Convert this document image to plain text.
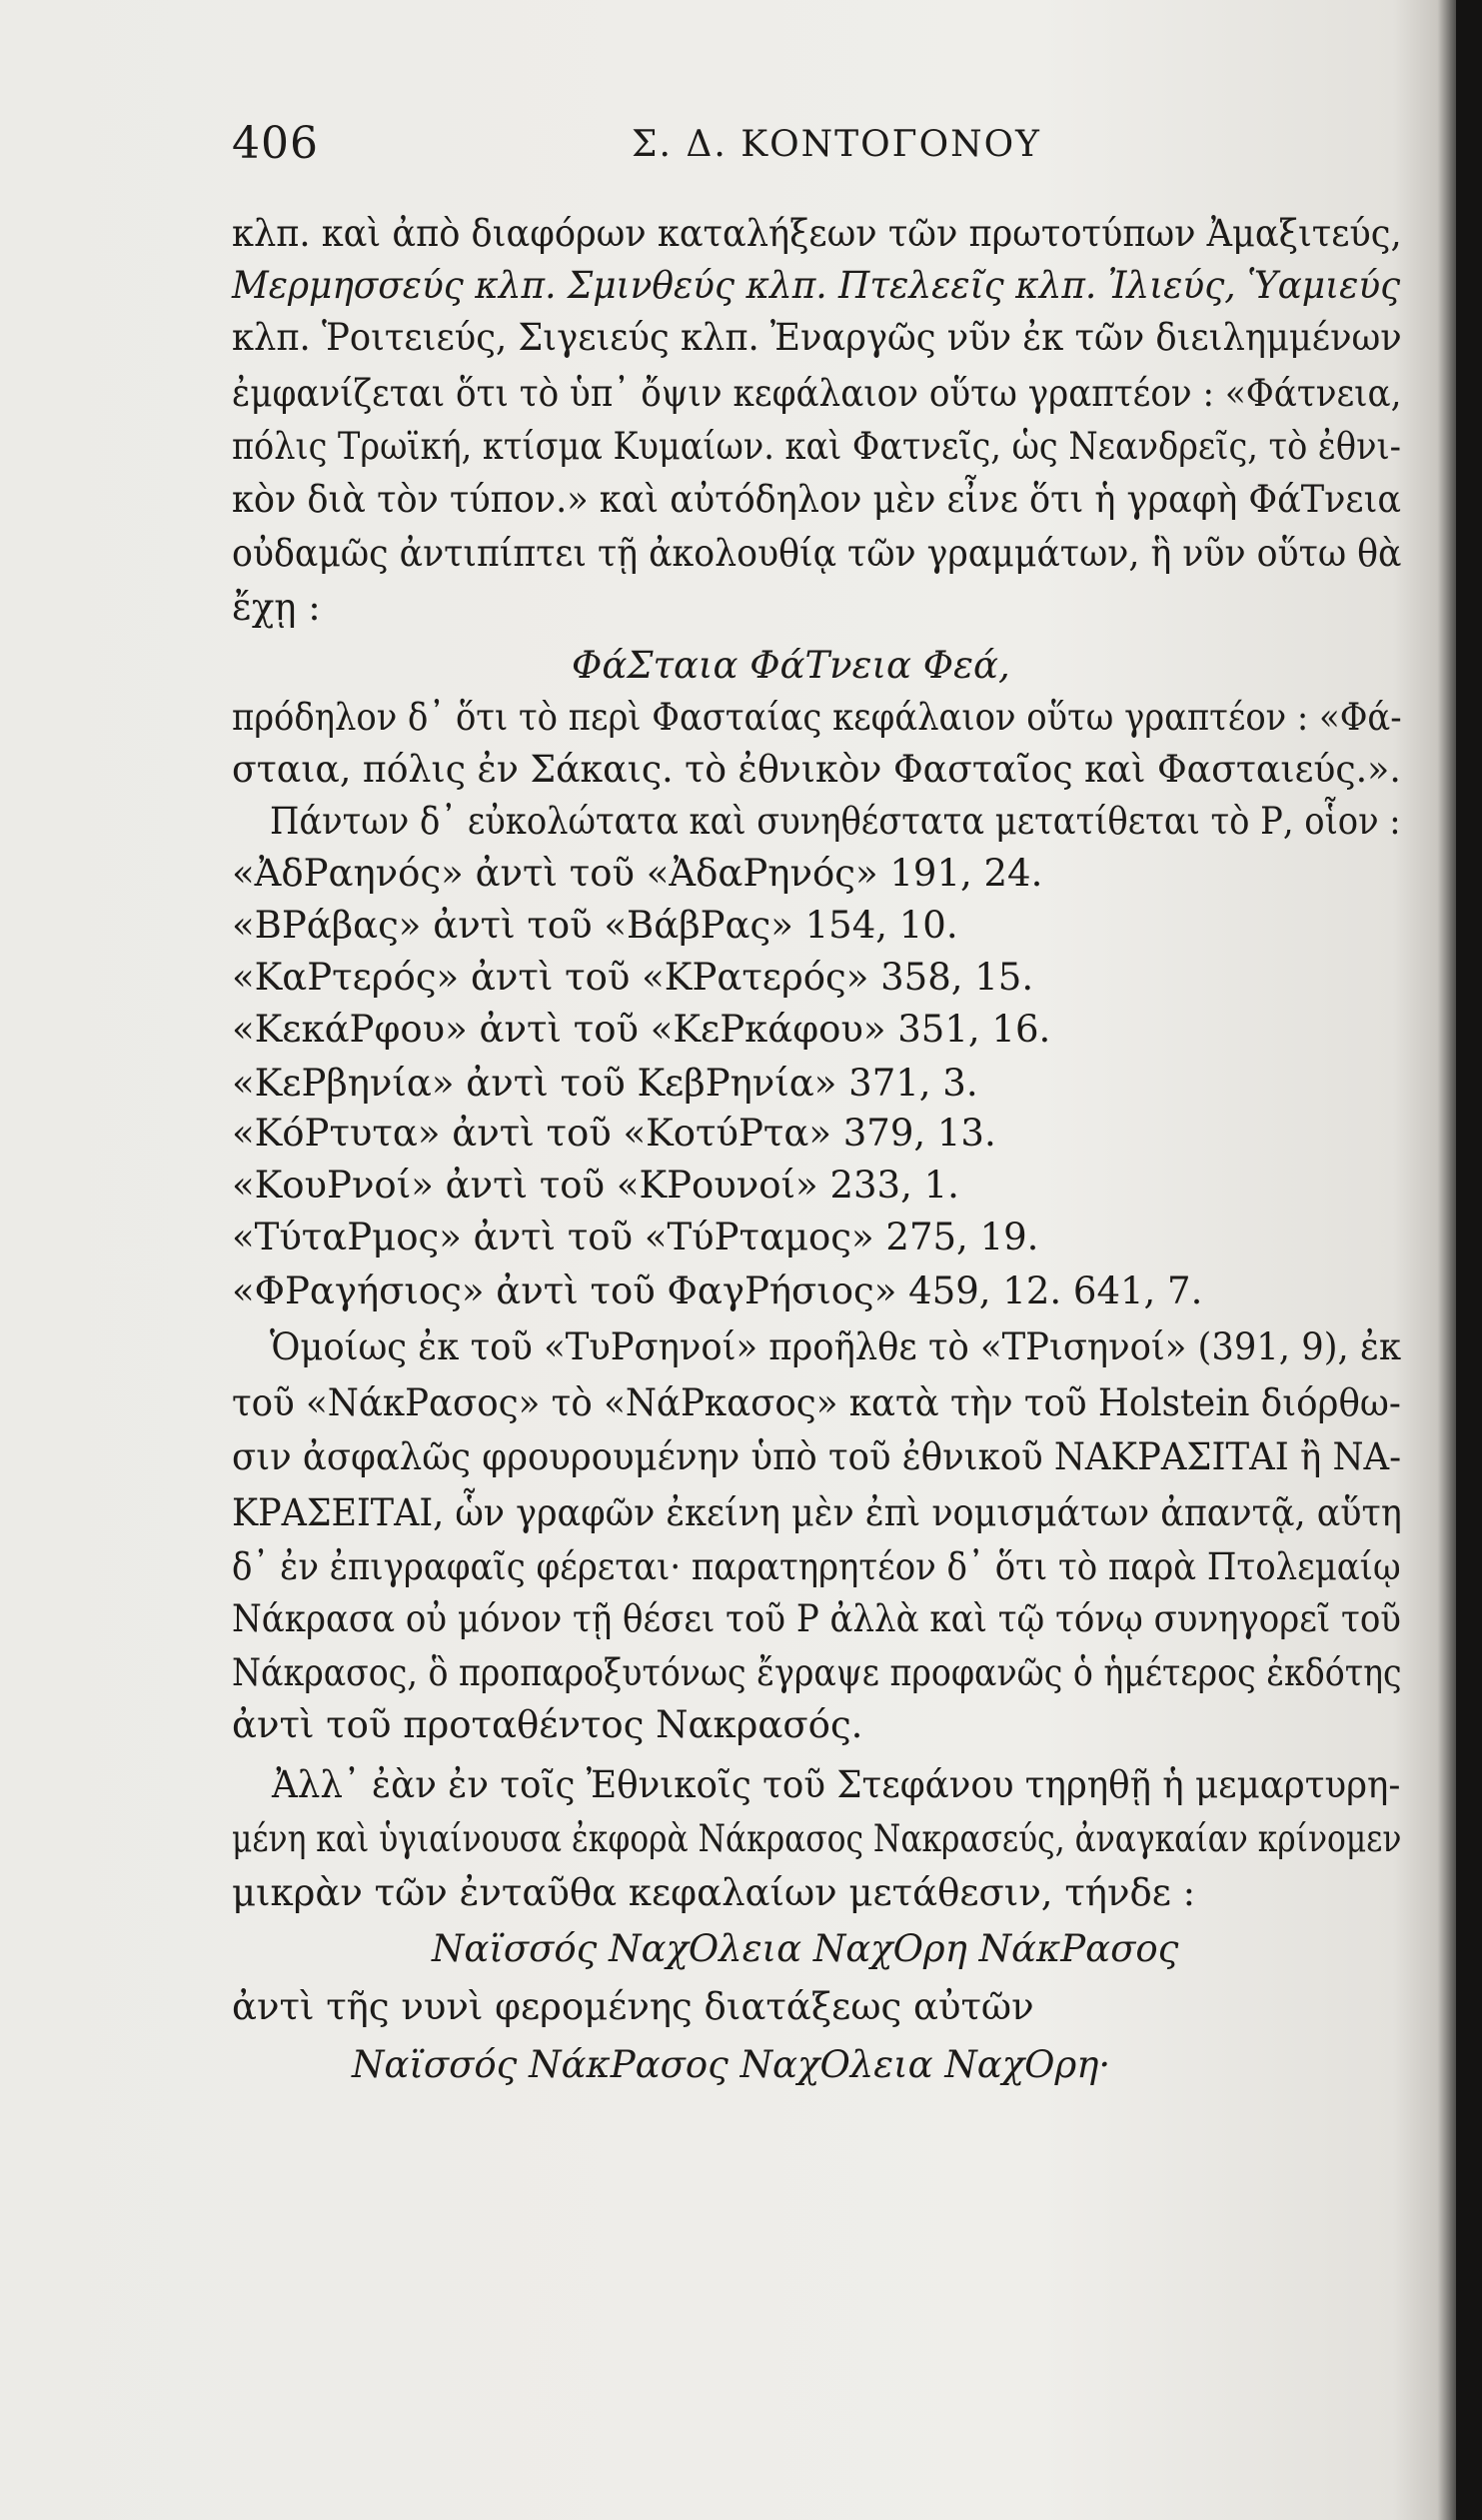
406	Σ. Δ. ΚΟΝΤΟΓΟΝΟΥ
κλπ. καὶ ἀπὸ διαφόρων καταλήξεων τῶν πρωτοτύπων Ἀμαξιτεύς,
Μερμησσεύς κλπ. Σμινθεύς κλπ. Πτελεεῖς κλπ. Ἰλιεύς, Ὑαμιεύς
κλπ. Ῥοιτειεύς, Σιγειεύς κλπ. Ἐναργῶς νῦν ἐκ τῶν διειλημμένων
ἐμφανίζεται ὅτι τὸ ὑπ᾽ ὄψιν κεφάλαιον οὕτω γραπτέον : «Φάτνεια,
πόλις Τρωϊκή, κτίσμα Κυμαίων. καὶ Φατνεῖς, ὡς Νεανδρεῖς, τὸ ἐθνι-
κὸν διὰ τὸν τύπον.» καὶ αὐτόδηλον μὲν εἶνε ὅτι ἡ γραφὴ ΦάΤνεια
οὐδαμῶς ἀντιπίπτει τῇ ἀκολουθίᾳ τῶν γραμμάτων, ἣ νῦν οὕτω θὰ
ἔχῃ :
ΦάΣταια ΦάΤνεια Φεά,
πρόδηλον δ᾽ ὅτι τὸ περὶ Φασταίας κεφάλαιον οὕτω γραπτέον : «Φά-
σταια, πόλις ἐν Σάκαις. τὸ ἐθνικὸν Φασταῖος καὶ Φασταιεύς.».
Πάντων δ᾽ εὐκολώτατα καὶ συνηθέστατα μετατίθεται τὸ Ρ, οἷον :
«ἈδΡαηνός» ἀντὶ τοῦ «ἈδαΡηνός» 191, 24.
«ΒΡάβας» ἀντὶ τοῦ «ΒάβΡας» 154, 10.
«ΚαΡτερός» ἀντὶ τοῦ «ΚΡατερός» 358, 15.
«ΚεκάΡφου» ἀντὶ τοῦ «ΚεΡκάφου» 351, 16.
«ΚεΡβηνία» ἀντὶ τοῦ ΚεβΡηνία» 371, 3.
«ΚόΡτυτα» ἀντὶ τοῦ «ΚοτύΡτα» 379, 13.
«ΚουΡνοί» ἀντὶ τοῦ «ΚΡουνοί» 233, 1.
«ΤύταΡμος» ἀντὶ τοῦ «ΤύΡταμος» 275, 19.
«ΦΡαγήσιος» ἀντὶ τοῦ ΦαγΡήσιος» 459, 12. 641, 7.
Ὁμοίως ἐκ τοῦ «ΤυΡσηνοί» προῆλθε τὸ «ΤΡισηνοί» (391, 9), ἐκ
τοῦ «ΝάκΡασος» τὸ «ΝάΡκασος» κατὰ τὴν τοῦ Holstein διόρθω-
σιν ἀσφαλῶς φρουρουμένην ὑπὸ τοῦ ἐθνικοῦ ΝΑΚΡΑΣΙΤΑΙ ἢ ΝΑ-
ΚΡΑΣΕΙΤΑΙ, ὧν γραφῶν ἐκείνη μὲν ἐπὶ νομισμάτων ἀπαντᾷ, αὕτη
δ᾽ ἐν ἐπιγραφαῖς φέρεται· παρατηρητέον δ᾽ ὅτι τὸ παρὰ Πτολεμαίῳ
Νάκρασα οὐ μόνον τῇ θέσει τοῦ Ρ ἀλλὰ καὶ τῷ τόνῳ συνηγορεῖ τοῦ
Νάκρασος, ὃ προπαροξυτόνως ἔγραψε προφανῶς ὁ ἡμέτερος ἐκδότης
ἀντὶ τοῦ προταθέντος Νακρασός.
Ἀλλ᾽ ἐὰν ἐν τοῖς Ἐθνικοῖς τοῦ Στεφάνου τηρηθῇ ἡ μεμαρτυρη-
μένη καὶ ὑγιαίνουσα ἐκφορὰ Νάκρασος Νακρασεύς, ἀναγκαίαν κρίνομεν
μικρὰν τῶν ἐνταῦθα κεφαλαίων μετάθεσιν, τήνδε :
Ναϊσσός ΝαχΟλεια ΝαχΟρη ΝάκΡασος
ἀντὶ τῆς νυνὶ φερομένης διατάξεως αὐτῶν
Ναϊσσός ΝάκΡασος ΝαχΟλεια ΝαχΟρη·
